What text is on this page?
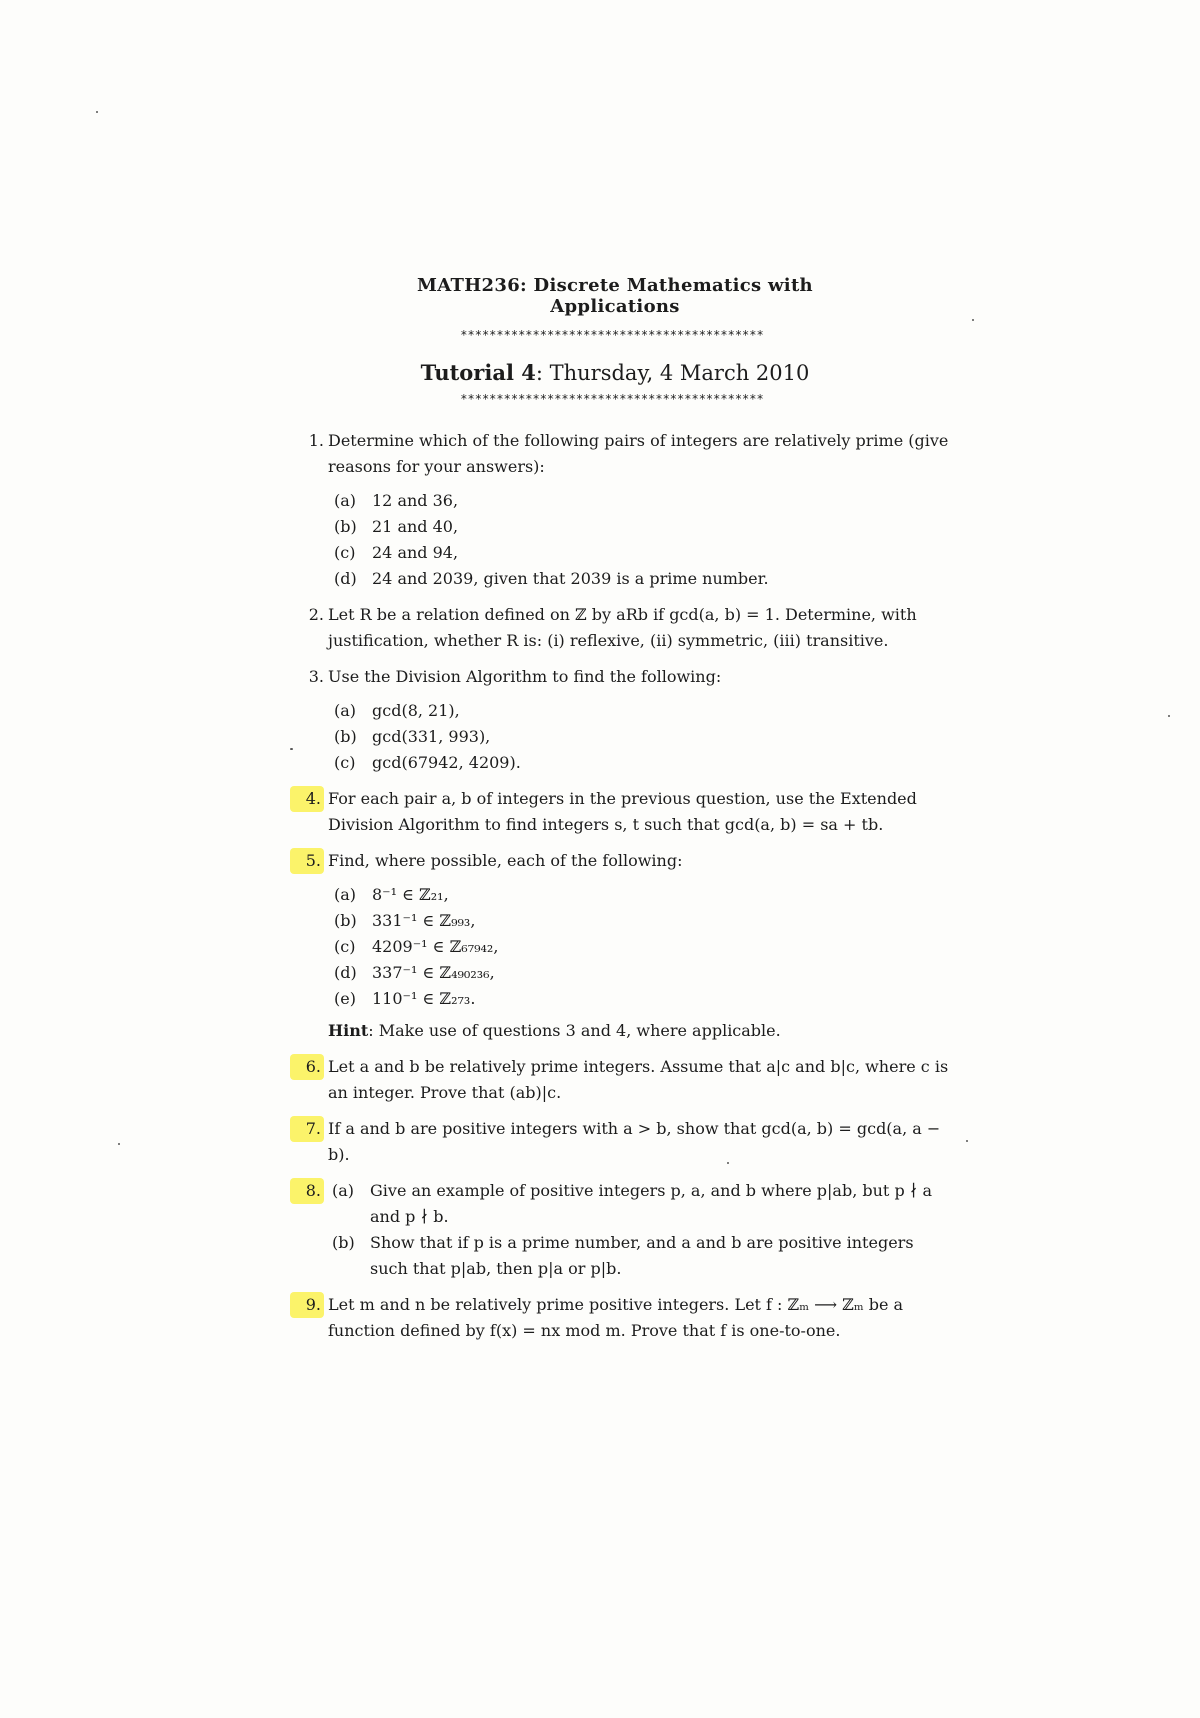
MATH236: Discrete Mathematics with Applications
******************************************
Tutorial 4: Thursday, 4 March 2010
******************************************
1. Determine which of the following pairs of integers are relatively prime (give reasons for your answers):
(a) 12 and 36,
(b) 21 and 40,
(c) 24 and 94,
(d) 24 and 2039, given that 2039 is a prime number.
2. Let R be a relation defined on ℤ by aRb if gcd(a, b) = 1. Determine, with justification, whether R is: (i) reflexive, (ii) symmetric, (iii) transitive.
3. Use the Division Algorithm to find the following:
(a) gcd(8, 21),
(b) gcd(331, 993),
(c) gcd(67942, 4209).
4. For each pair a, b of integers in the previous question, use the Extended Division Algorithm to find integers s, t such that gcd(a, b) = sa + tb.
5. Find, where possible, each of the following:
(a) 8⁻¹ ∈ ℤ₂₁,
(b) 331⁻¹ ∈ ℤ₉₉₃,
(c) 4209⁻¹ ∈ ℤ₆₇₉₄₂,
(d) 337⁻¹ ∈ ℤ₄₉₀₂₃₆,
(e) 110⁻¹ ∈ ℤ₂₇₃.
Hint: Make use of questions 3 and 4, where applicable.
6. Let a and b be relatively prime integers. Assume that a|c and b|c, where c is an integer. Prove that (ab)|c.
7. If a and b are positive integers with a > b, show that gcd(a, b) = gcd(a, a − b).
8. (a) Give an example of positive integers p, a, and b where p|ab, but p ∤ a and p ∤ b.
(b) Show that if p is a prime number, and a and b are positive integers such that p|ab, then p|a or p|b.
9. Let m and n be relatively prime positive integers. Let f : ℤₘ ⟶ ℤₘ be a function defined by f(x) = nx mod m. Prove that f is one-to-one.
